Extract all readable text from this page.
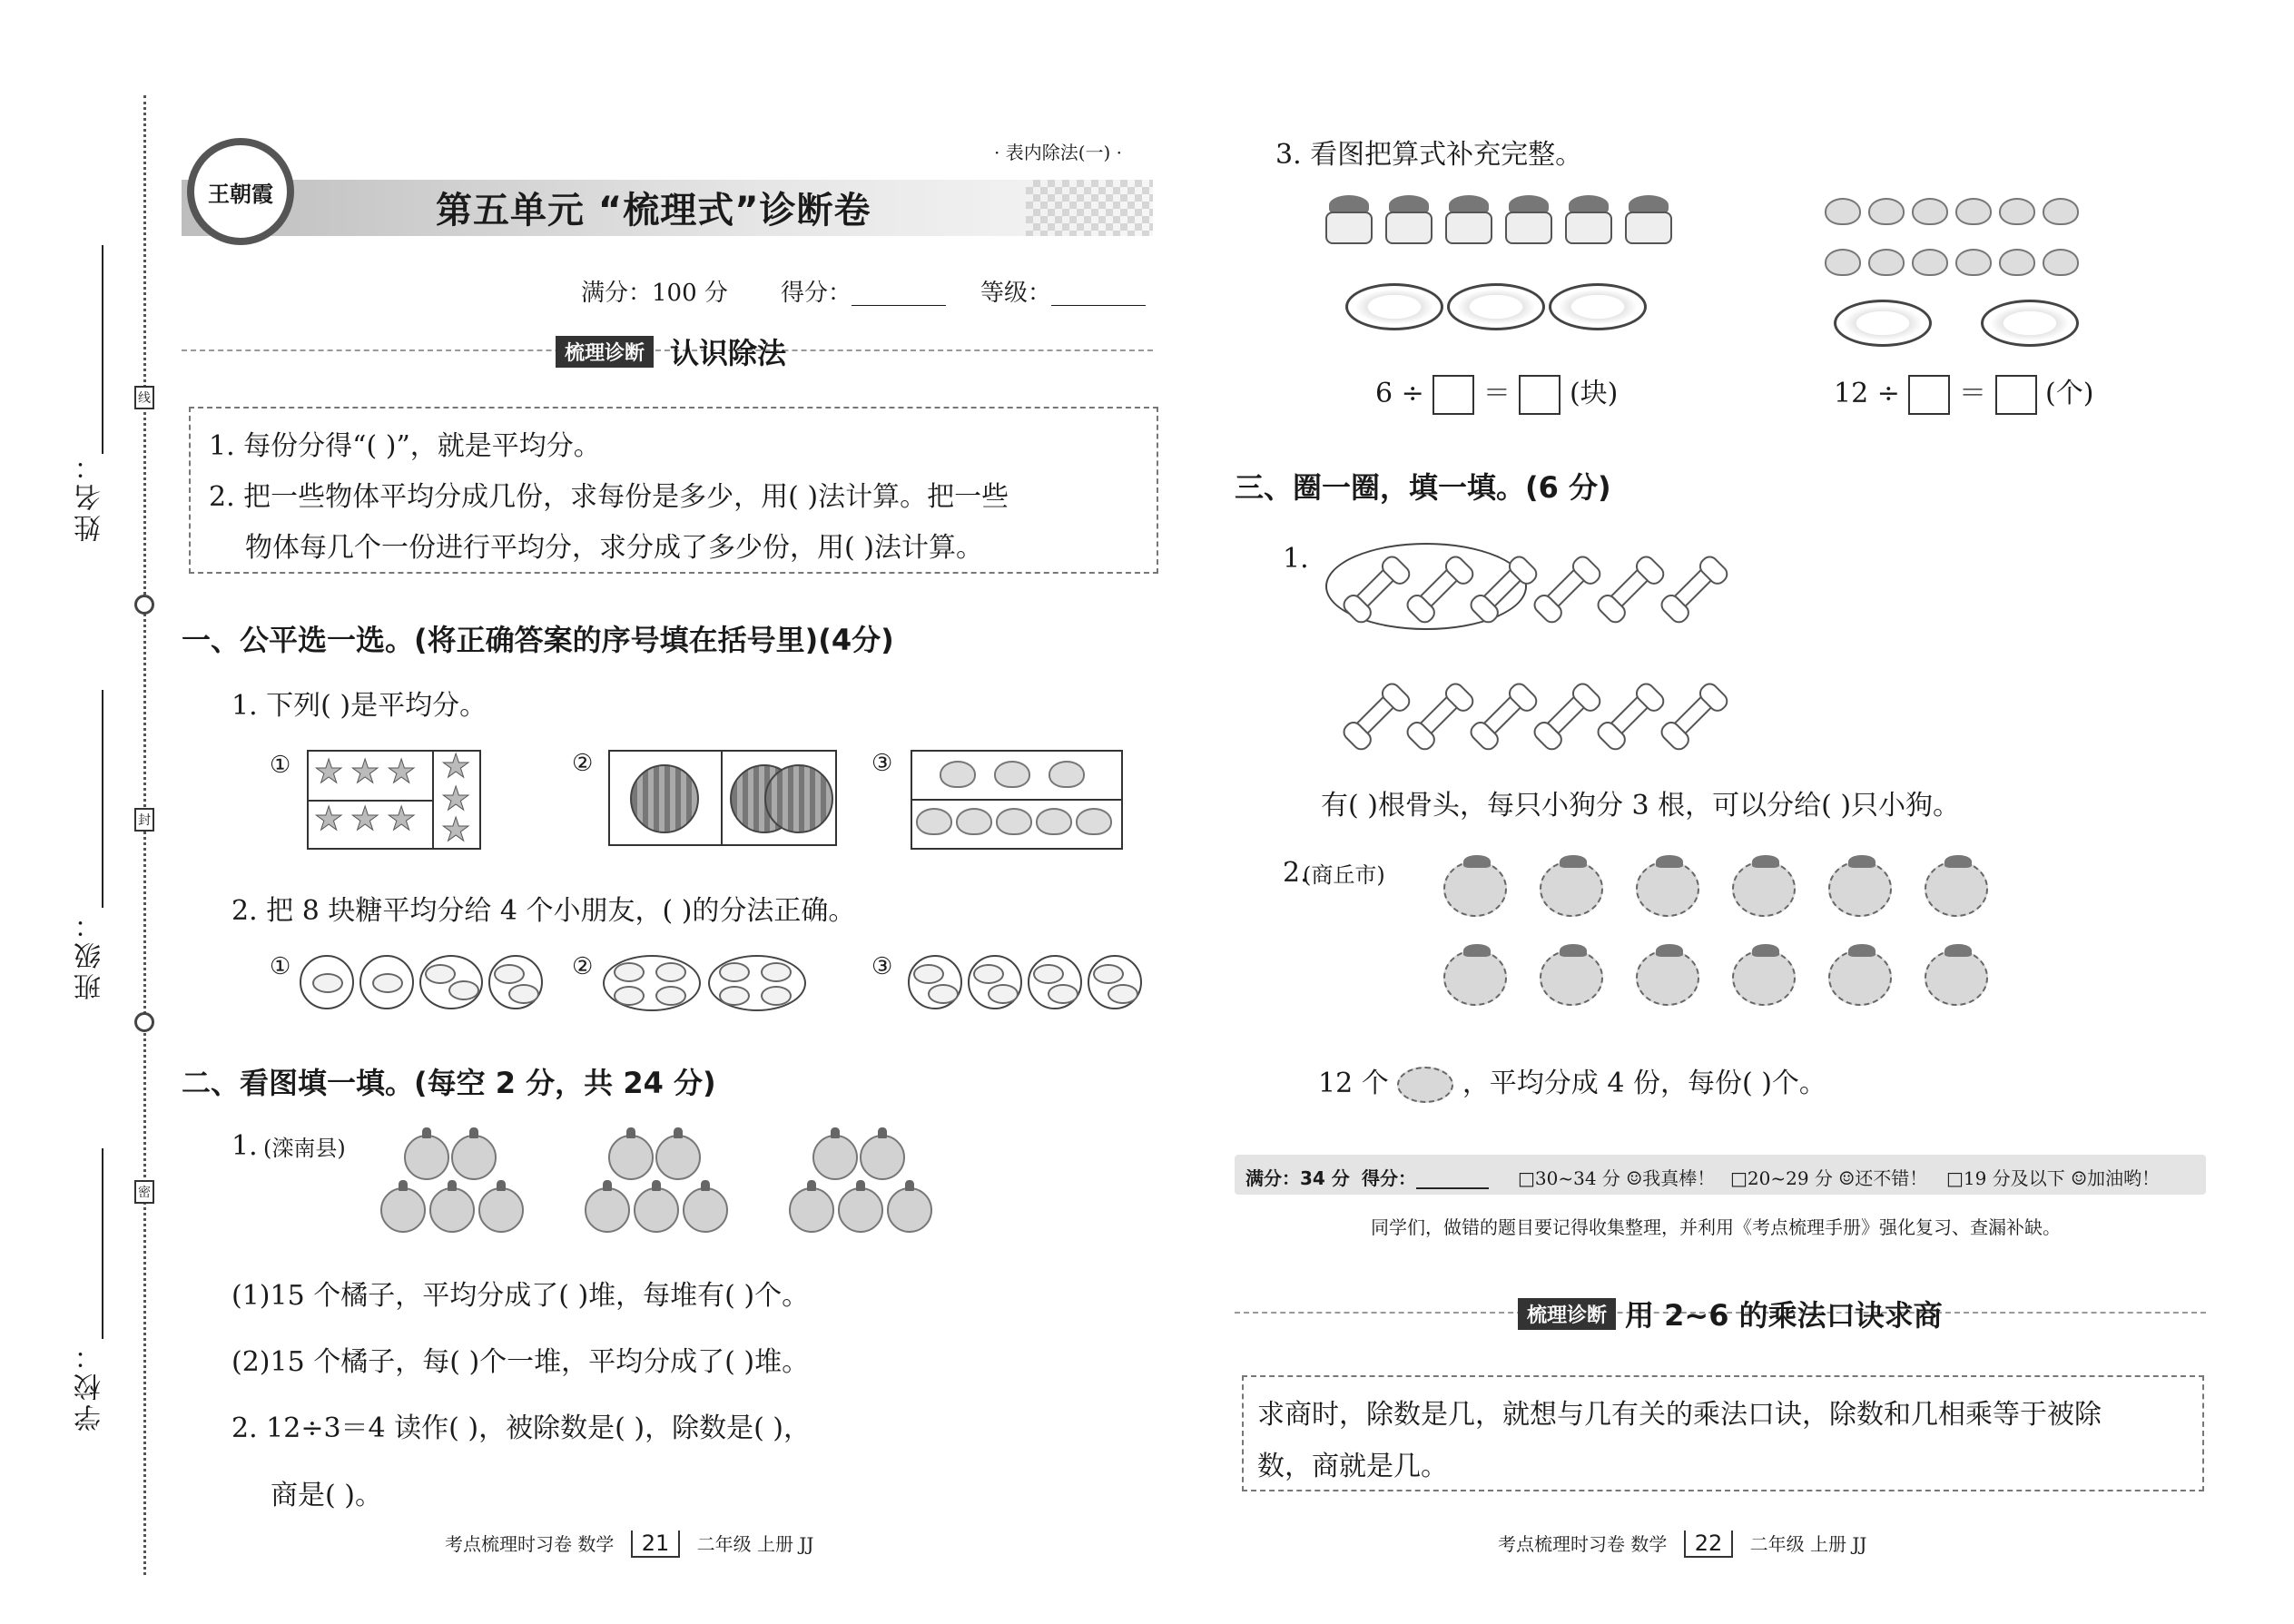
线
封
密
姓名：
班级：
学校：
王朝霞
· 表内除法(一) ·
第五单元 “梳理式”诊断卷
满分：100 分 得分：________ 等级：________
梳理诊断 认识除法
1. 每份分得“( )”，就是平均分。
2. 把一些物体平均分成几份，求每份是多少，用( )法计算。把一些
物体每几个一份进行平均分，求分成了多少份，用( )法计算。
一、公平选一选。(将正确答案的序号填在括号里)(4分)
1. 下列( )是平均分。
① ★ ★ ★
★ ★ ★
★
★
★
②	③
2. 把 8 块糖平均分给 4 个小朋友，( )的分法正确。
①	②	③
二、看图填一填。(每空 2 分，共 24 分)
1. (滦南县)
(1)15 个橘子，平均分成了( )堆，每堆有( )个。
(2)15 个橘子，每( )个一堆，平均分成了( )堆。
2. 12÷3＝4 读作( )，被除数是( )，除数是( )，
商是( )。
考点梳理时习卷 数学 21 二年级 上册 JJ
3. 看图把算式补充完整。
6 ÷ ＝ (块)	12 ÷ ＝ (个)
三、圈一圈，填一填。(6 分)
1.
有( )根骨头，每只小狗分 3 根，可以分给( )只小狗。
2.
(商丘市)
12 个	，平均分成 4 份，每份( )个。
满分：34 分 得分：________ □30~34 分 ☺我真棒！ □20~29 分 ☺还不错！ □19 分及以下 ☺加油哟！
同学们，做错的题目要记得收集整理，并利用《考点梳理手册》强化复习、查漏补缺。
梳理诊断 用 2~6 的乘法口诀求商
求商时，除数是几，就想与几有关的乘法口诀，除数和几相乘等于被除
数，商就是几。
考点梳理时习卷 数学 22 二年级 上册 JJ
